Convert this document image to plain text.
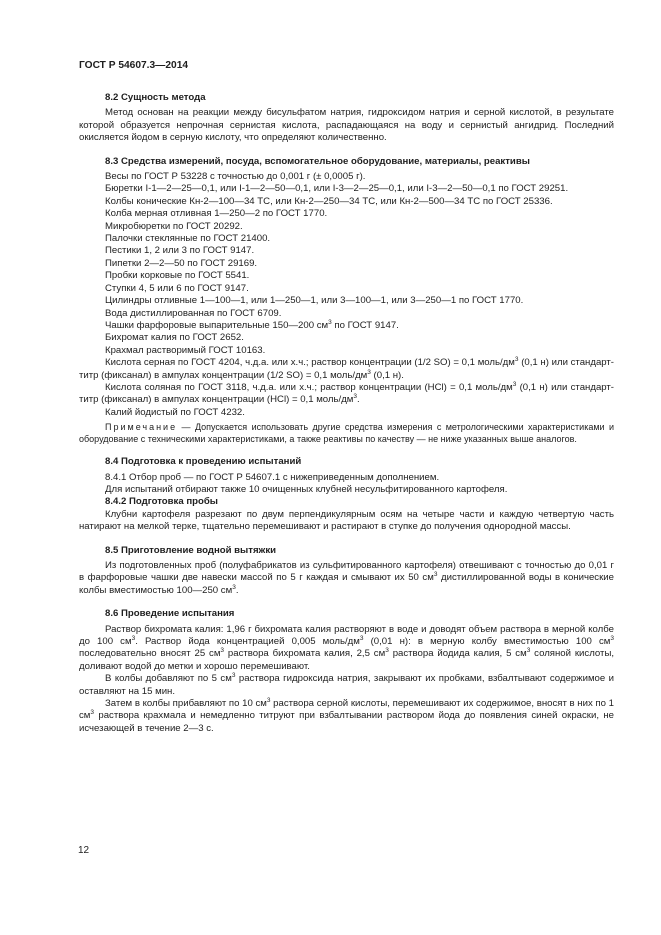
ГОСТ Р 54607.3—2014
8.2 Сущность метода

Метод основан на реакции между бисульфатом натрия, гидроксидом натрия и серной кислотой, в результате которой образуется непрочная сернистая кислота, распадающаяся на воду и сернистый ангидрид. Последний окисляется йодом в серную кислоту, что определяют количественно.

8.3 Средства измерений, посуда, вспомогательное оборудование, материалы, реактивы

Весы по ГОСТ Р 53228 с точностью до 0,001 г (± 0,0005 г).

Бюретки I-1—2—25—0,1, или I-1—2—50—0,1, или I-3—2—25—0,1, или I-3—2—50—0,1 по ГОСТ 29251.

Колбы конические Кн-2—100—34 ТС, или Кн-2—250—34 ТС, или Кн-2—500—34 ТС по ГОСТ 25336.

Колба мерная отливная 1—250—2 по ГОСТ 1770.

Микробюретки по ГОСТ 20292.

Палочки стеклянные по ГОСТ 21400.

Пестики 1, 2 или 3 по ГОСТ 9147.

Пипетки 2—2—50 по ГОСТ 29169.

Пробки корковые по ГОСТ 5541.

Ступки 4, 5 или 6 по ГОСТ 9147.

Цилиндры отливные 1—100—1, или 1—250—1, или 3—100—1, или 3—250—1 по ГОСТ 1770.

Вода дистиллированная по ГОСТ 6709.

Чашки фарфоровые выпарительные 150—200 $см^3$ по ГОСТ 9147.

Бихромат калия по ГОСТ 2652.

Крахмал растворимый ГОСТ 10163.

Кислота серная по ГОСТ 4204, ч.д.а. или х.ч.; раствор концентрации (1/2 SO) = 0,1 моль/$дм^3$ (0,1 н) или стандарт-титр (фиксанал) в ампулах концентрации (1/2 SO) = 0,1 моль/$дм^3$ (0,1 н).

Кислота соляная по ГОСТ 3118, ч.д.а. или х.ч.; раствор концентрации (HCl) = 0,1 моль/$дм^3$ (0,1 н) или стандарт-титр (фиксанал) в ампулах концентрации (HCl) = 0,1 моль/$дм^3$.

Калий йодистый по ГОСТ 4232.

Примечание — Допускается использовать другие средства измерения с метрологическими характеристиками и оборудование с техническими характеристиками, а также реактивы по качеству — не ниже указанных выше аналогов.

8.4 Подготовка к проведению испытаний

8.4.1 Отбор проб — по ГОСТ Р 54607.1 с нижеприведенным дополнением.

Для испытаний отбирают также 10 очищенных клубней несульфитированного картофеля.

8.4.2 Подготовка пробы

Клубни картофеля разрезают по двум перпендикулярным осям на четыре части и каждую четвертую часть натирают на мелкой терке, тщательно перемешивают и растирают в ступке до получения однородной массы.

8.5 Приготовление водной вытяжки

Из подготовленных проб (полуфабрикатов из сульфитированного картофеля) отвешивают с точностью до 0,01 г в фарфоровые чашки две навески массой по 5 г каждая и смывают их 50 $см^3$ дистиллированной воды в конические колбы вместимостью 100—250 $см^3$.

8.6 Проведение испытания

Раствор бихромата калия: 1,96 г бихромата калия растворяют в воде и доводят объем раствора в мерной колбе до 100 $см^3$. Раствор йода концентрацией 0,005 моль/$дм^3$ (0,01 н): в мерную колбу вместимостью 100 $см^3$ последовательно вносят 25 $см^3$ раствора бихромата калия, 2,5 $см^3$ раствора йодида калия, 5 $см^3$ соляной кислоты, доливают водой до метки и хорошо перемешивают.

В колбы добавляют по 5 $см^3$ раствора гидроксида натрия, закрывают их пробками, взбалтывают содержимое и оставляют на 15 мин.

Затем в колбы прибавляют по 10 $см^3$ раствора серной кислоты, перемешивают их содержимое, вносят в них по 1 $см^3$ раствора крахмала и немедленно титруют при взбалтывании раствором йода до появления синей окраски, не исчезающей в течение 2—3 с.

12
